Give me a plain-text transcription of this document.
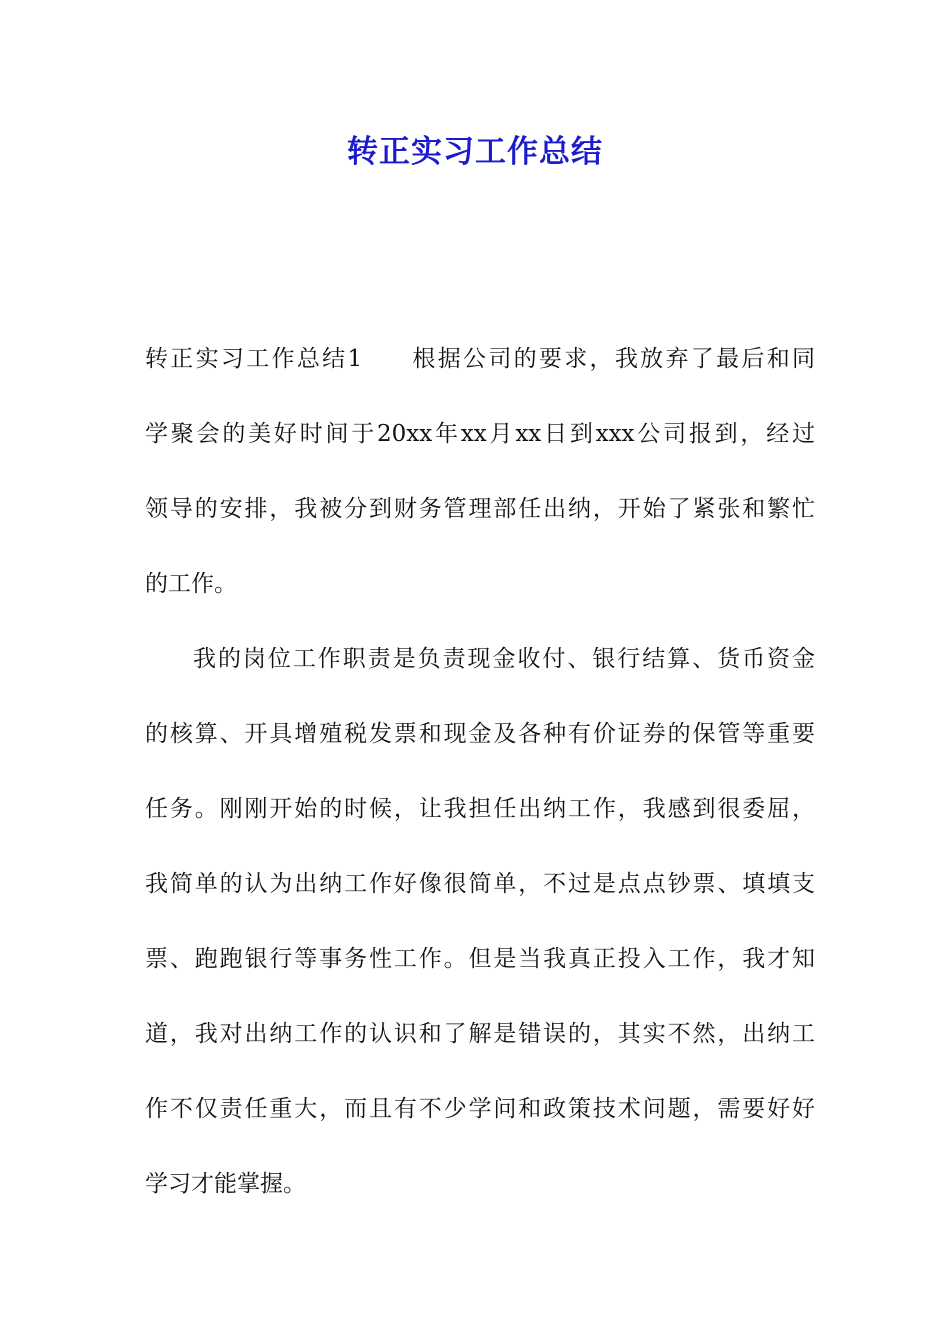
转正实习工作总结

转正实习工作总结1 根据公司的要求，我放弃了最后和同

学聚会的美好时间于20xx年xx月xx日到xxx公司报到，经过

领导的安排，我被分到财务管理部任出纳，开始了紧张和繁忙

的工作。

我的岗位工作职责是负责现金收付、银行结算、货币资金

的核算、开具增殖税发票和现金及各种有价证券的保管等重要

任务。刚刚开始的时候，让我担任出纳工作，我感到很委屈，

我简单的认为出纳工作好像很简单，不过是点点钞票、填填支

票、跑跑银行等事务性工作。但是当我真正投入工作，我才知

道，我对出纳工作的认识和了解是错误的，其实不然，出纳工

作不仅责任重大，而且有不少学问和政策技术问题，需要好好

学习才能掌握。
